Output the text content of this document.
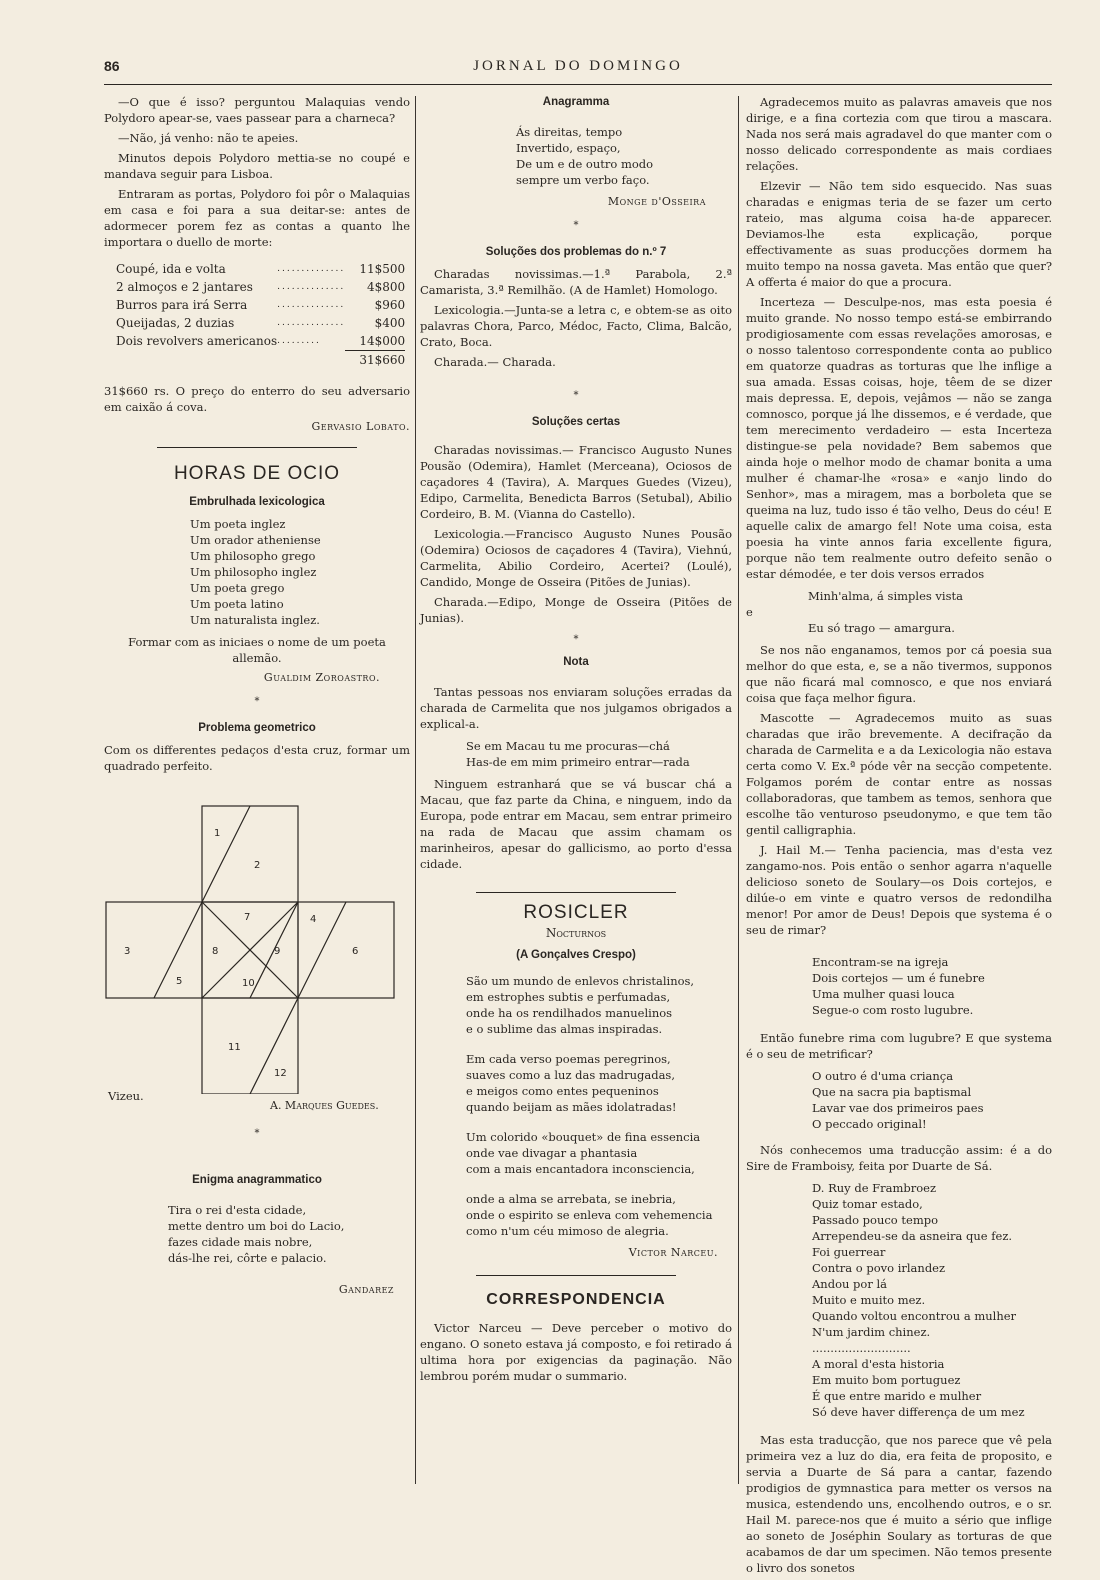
86	JORNAL DO DOMINGO

—O que é isso? perguntou Malaquias vendo Polydoro apear-se, vaes passear para a charneca?

—Não, já venho: não te apeies.

Minutos depois Polydoro mettia-se no coupé e mandava seguir para Lisboa.

Entraram as portas, Polydoro foi pôr o Malaquias em casa e foi para a sua deitar-se: antes de adormecer porem fez as contas a quanto lhe importara o duello de morte:

Coupé, ida e volta	..............	11$500
2 almoços e 2 jantares	..............	4$800
Burros para irá Serra	..............	$960
Queijadas, 2 duzias	..............	$400
Dois revolvers americanos	.........	14$000
		31$660

31$660 rs. O preço do enterro do seu adversario em caixão á cova.

Gervasio Lobato.
HORAS DE OCIO
Embrulhada lexicologica
Um poeta inglez
Um orador atheniense
Um philosopho grego
Um philosopho inglez
Um poeta grego
Um poeta latino
Um naturalista inglez.

Formar com as iniciaes o nome de um poeta allemão.

Gualdim Zoroastro.
*
Problema geometrico

Com os differentes pedaços d'esta cruz, formar um quadrado perfeito.

1
2
3
4
5
6
7
8	9
10
11
12
Vizeu.
A. Marques Guedes.
*
Enigma anagrammatico
Tira o rei d'esta cidade,
mette dentro um boi do Lacio,
fazes cidade mais nobre,
dás-lhe rei, côrte e palacio.
Gandarez
Anagramma
Ás direitas, tempo
Invertido, espaço,
De um e de outro modo
sempre um verbo faço.
Monge d'Osseira
*
Soluções dos problemas do n.º 7

Charadas novissimas.—1.ª Parabola, 2.ª Camarista, 3.ª Remilhão. (A de Hamlet) Homologo.

Lexicologia.—Junta-se a letra c, e obtem-se as oito palavras Chora, Parco, Médoc, Facto, Clima, Balcão, Crato, Boca.

Charada.— Charada.

*
Soluções certas

Charadas novissimas.— Francisco Augusto Nunes Pousão (Odemira), Hamlet (Merceana), Ociosos de caçadores 4 (Tavira), A. Marques Guedes (Vizeu), Edipo, Carmelita, Benedicta Barros (Setubal), Abilio Cordeiro, B. M. (Vianna do Castello).

Lexicologia.—Francisco Augusto Nunes Pousão (Odemira) Ociosos de caçadores 4 (Tavira), Viehnú, Carmelita, Abilio Cordeiro, Acertei? (Loulé), Candido, Monge de Osseira (Pitões de Junias).

Charada.—Edipo, Monge de Osseira (Pitões de Junias).

*
Nota

Tantas pessoas nos enviaram soluções erradas da charada de Carmelita que nos julgamos obrigados a explical-a.

Se em Macau tu me procuras—chá
Has-de em mim primeiro entrar—rada

Ninguem estranhará que se vá buscar chá a Macau, que faz parte da China, e ninguem, indo da Europa, pode entrar em Macau, sem entrar primeiro na rada de Macau que assim chamam os marinheiros, apesar do gallicismo, ao porto d'essa cidade.

ROSICLER
Nocturnos
(A Gonçalves Crespo)
São um mundo de enlevos christalinos,
em estrophes subtis e perfumadas,
onde ha os rendilhados manuelinos
e o sublime das almas inspiradas.
Em cada verso poemas peregrinos,
suaves como a luz das madrugadas,
e meigos como entes pequeninos
quando beijam as mães idolatradas!
Um colorido «bouquet» de fina essencia
onde vae divagar a phantasia
com a mais encantadora inconsciencia,
onde a alma se arrebata, se inebria,
onde o espirito se enleva com vehemencia
como n'um céu mimoso de alegria.
Victor Narceu.
CORRESPONDENCIA

Victor Narceu — Deve perceber o motivo do engano. O soneto estava já composto, e foi retirado á ultima hora por exigencias da paginação. Não lembrou porém mudar o summario.

Agradecemos muito as palavras amaveis que nos dirige, e a fina cortezia com que tirou a mascara. Nada nos será mais agradavel do que manter com o nosso delicado correspondente as mais cordiaes relações.

Elzevir — Não tem sido esquecido. Nas suas charadas e enigmas teria de se fazer um certo rateio, mas alguma coisa ha-de apparecer. Deviamos-lhe esta explicação, porque effectivamente as suas producções dormem ha muito tempo na nossa gaveta. Mas então que quer? A offerta é maior do que a procura.

Incerteza — Desculpe-nos, mas esta poesia é muito grande. No nosso tempo está-se embirrando prodigiosamente com essas revelações amorosas, e o nosso talentoso correspondente conta ao publico em quatorze quadras as torturas que lhe inflige a sua amada. Essas coisas, hoje, têem de se dizer mais depressa. E, depois, vejâmos — não se zanga comnosco, porque já lhe dissemos, e é verdade, que tem merecimento verdadeiro — esta Incerteza distingue-se pela novidade? Bem sabemos que ainda hoje o melhor modo de chamar bonita a uma mulher é chamar-lhe «rosa» e «anjo lindo do Senhor», mas a miragem, mas a borboleta que se queima na luz, tudo isso é tão velho, Deus do céu! E aquelle calix de amargo fel! Note uma coisa, esta poesia ha vinte annos faria excellente figura, porque não tem realmente outro defeito senão o estar démodée, e ter dois versos errados

Minh'alma, á simples vista
e
Eu só trago — amargura.

Se nos não enganamos, temos por cá poesia sua melhor do que esta, e, se a não tivermos, supponos que não ficará mal comnosco, e que nos enviará coisa que faça melhor figura.

Mascotte — Agradecemos muito as suas charadas que irão brevemente. A decifração da charada de Carmelita e a da Lexicologia não estava certa como V. Ex.ª póde vêr na secção competente. Folgamos porém de contar entre as nossas collaboradoras, que tambem as temos, senhora que escolhe tão venturoso pseudonymo, e que tem tão gentil calligraphia.

J. Hail M.— Tenha paciencia, mas d'esta vez zangamo-nos. Pois então o senhor agarra n'aquelle delicioso soneto de Soulary—os Dois cortejos, e dilúe-o em vinte e quatro versos de redondilha menor! Por amor de Deus! Depois que systema é o seu de rimar?

Encontram-se na igreja
Dois cortejos — um é funebre
Uma mulher quasi louca
Segue-o com rosto lugubre.

Então funebre rima com lugubre? E que systema é o seu de metrificar?

O outro é d'uma criança
Que na sacra pia baptismal
Lavar vae dos primeiros paes
O peccado original!

Nós conhecemos uma traducção assim: é a do Sire de Framboisy, feita por Duarte de Sá.

D. Ruy de Frambroez
Quiz tomar estado,
Passado pouco tempo
Arrependeu-se da asneira que fez.
Foi guerrear
Contra o povo irlandez
Andou por lá
Muito e muito mez.
Quando voltou encontrou a mulher
N'um jardim chinez.
...........................
A moral d'esta historia
Em muito bom portuguez
É que entre marido e mulher
Só deve haver differença de um mez

Mas esta traducção, que nos parece que vê pela primeira vez a luz do dia, era feita de proposito, e servia a Duarte de Sá para a cantar, fazendo prodigios de gymnastica para metter os versos na musica, estendendo uns, encolhendo outros, e o sr. Hail M. parece-nos que é muito a sério que inflige ao soneto de Joséphin Soulary as torturas de que acabamos de dar um specimen. Não temos presente o livro dos sonetos
